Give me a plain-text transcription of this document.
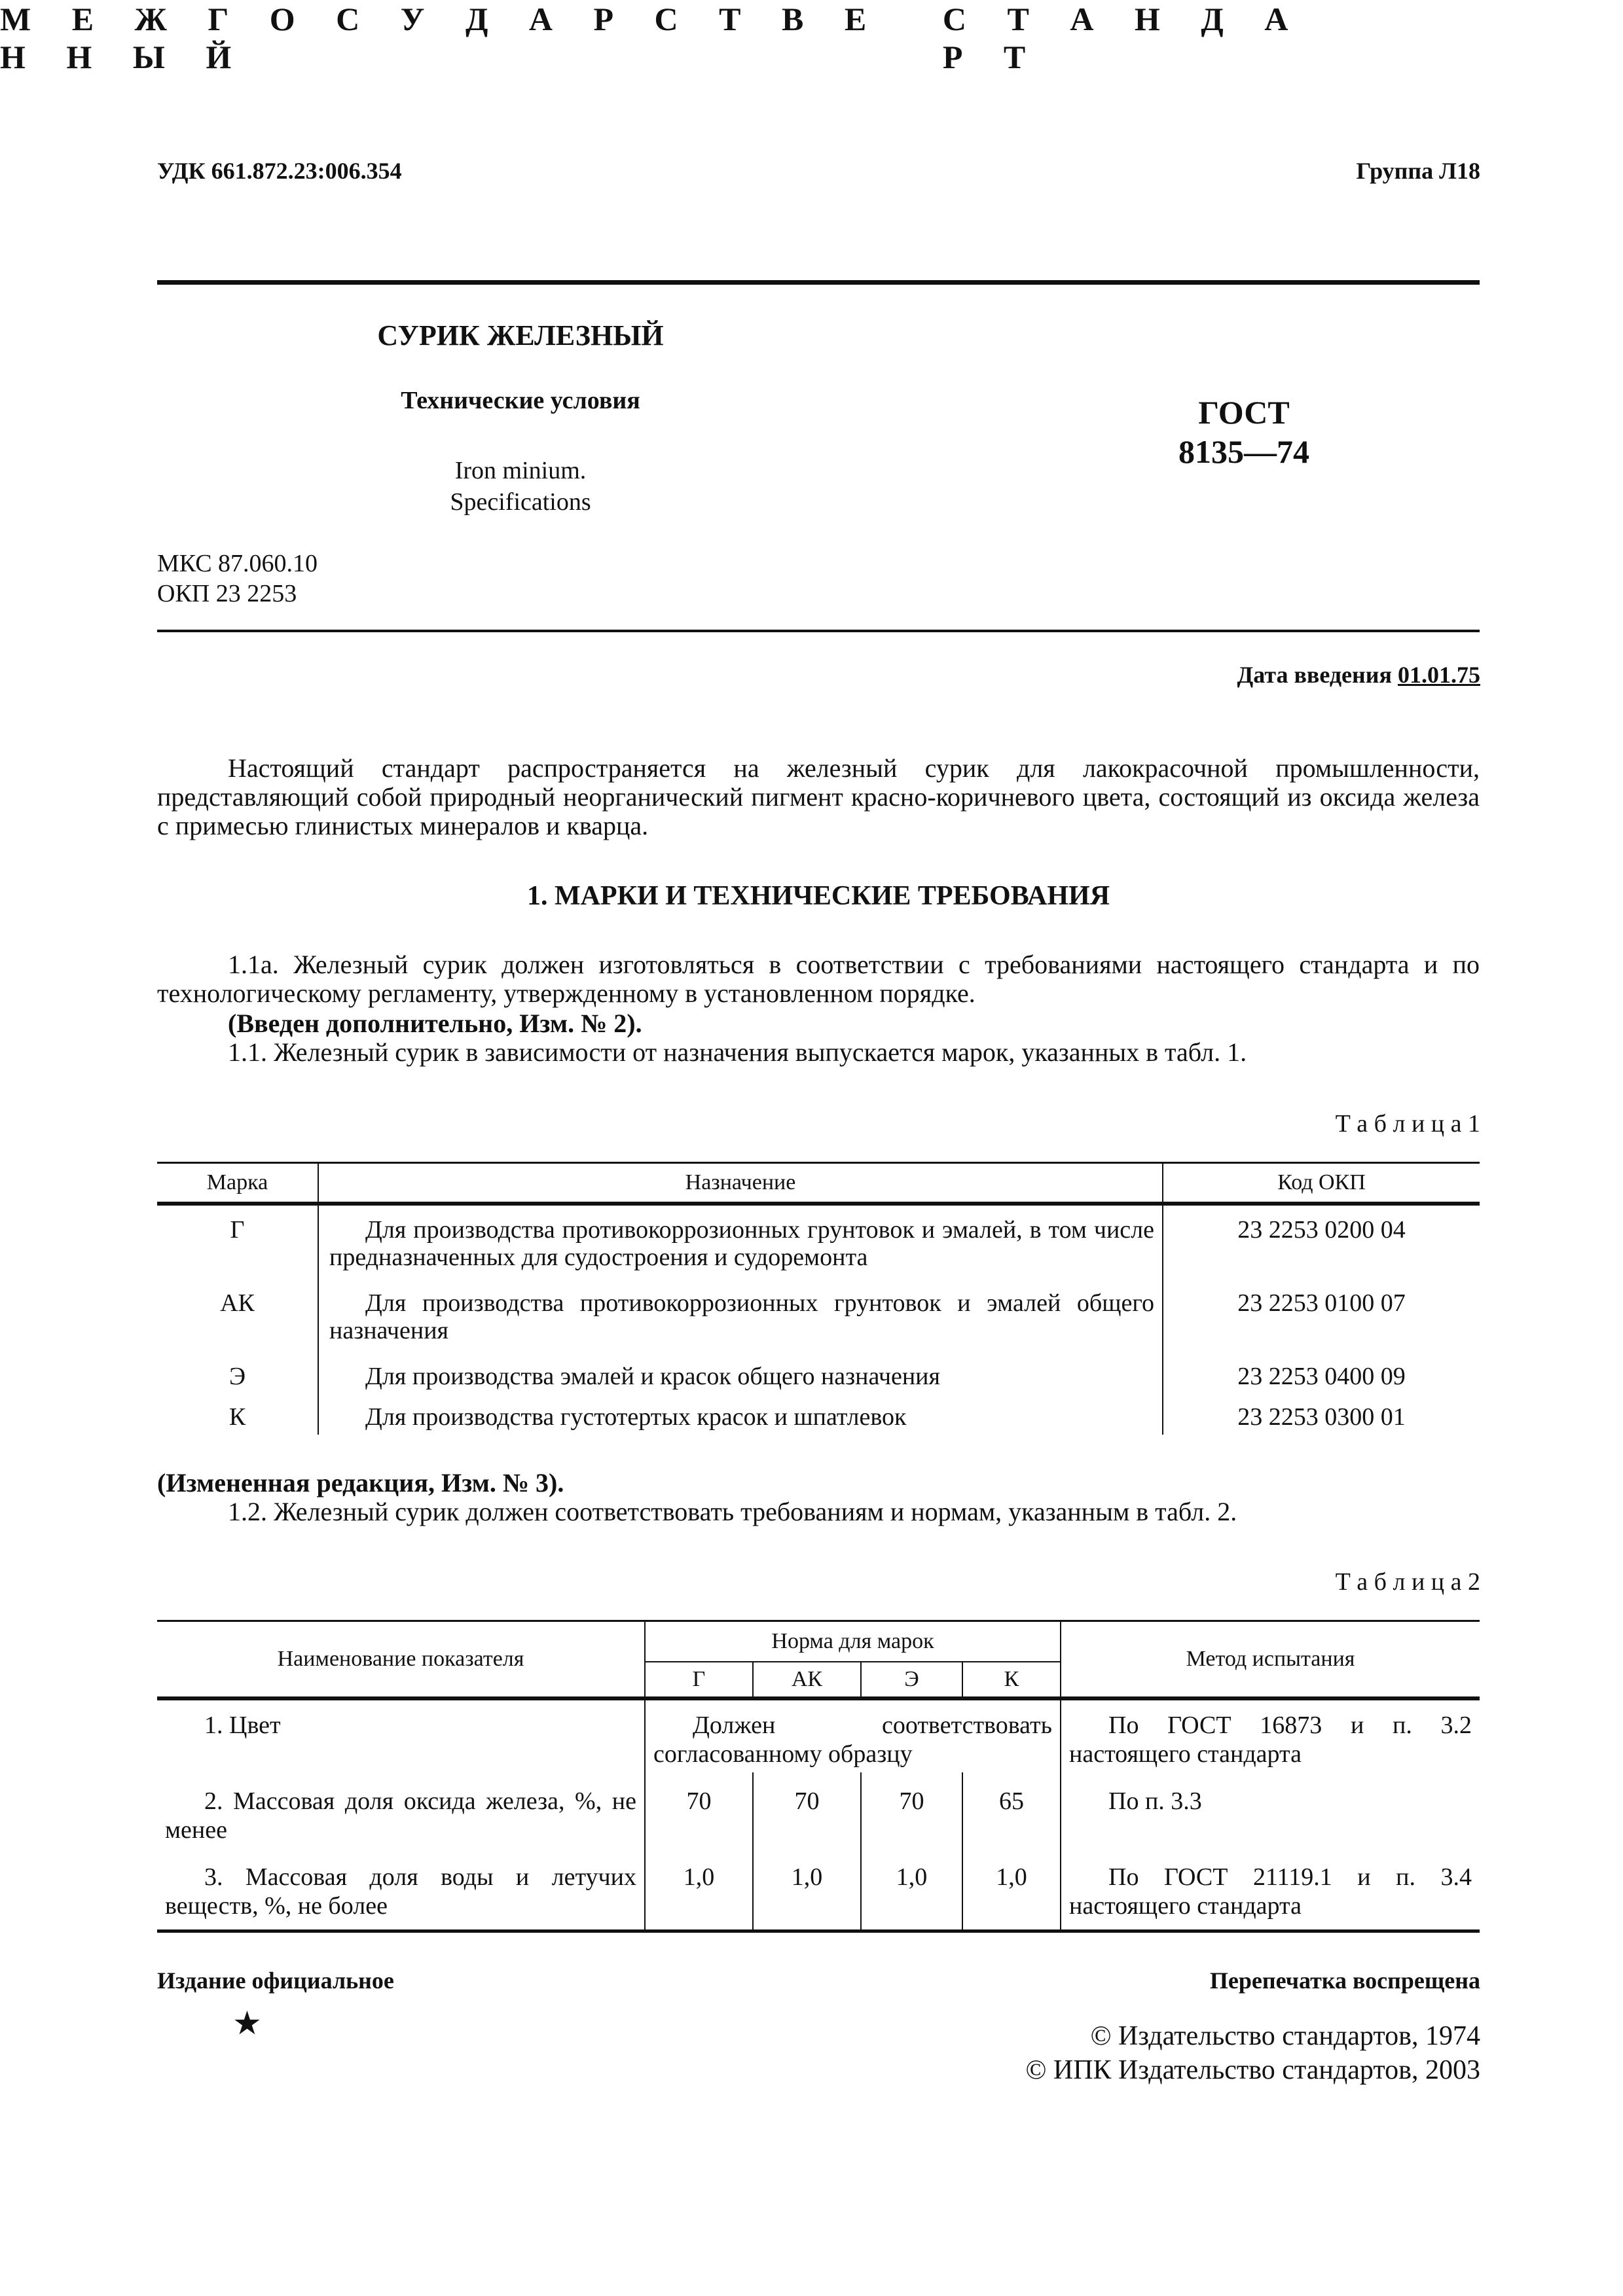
УДК 661.872.23:006.354	Группа Л18
М Е Ж Г О С У Д А Р С Т В Е Н Н Ы Й
С Т А Н Д А Р Т
СУРИК ЖЕЛЕЗНЫЙ
Технические условия
Iron minium.
Specifications
ГОСТ
8135—74
МКС 87.060.10
ОКП 23 2253
Дата введения 01.01.75
Настоящий стандарт распространяется на железный сурик для лакокрасочной промышленности, представляющий собой природный неорганический пигмент красно-коричневого цвета, состоящий из оксида железа с примесью глинистых минералов и кварца.
1. МАРКИ И ТЕХНИЧЕСКИЕ ТРЕБОВАНИЯ
1.1а. Железный сурик должен изготовляться в соответствии с требованиями настоящего стандарта и по технологическому регламенту, утвержденному в установленном порядке.
(Введен дополнительно, Изм. № 2).
1.1. Железный сурик в зависимости от назначения выпускается марок, указанных в табл. 1.
Т а б л и ц а 1
Марка	Назначение	Код ОКП
Г	Для производства противокоррозионных грунтовок и эмалей, в том числе предназначенных для судостроения и судоремонта	23 2253 0200 04
АК	Для производства противокоррозионных грунтовок и эмалей общего назначения	23 2253 0100 07
Э	Для производства эмалей и красок общего назначения	23 2253 0400 09
К	Для производства густотертых красок и шпатлевок	23 2253 0300 01
(Измененная редакция, Изм. № 3).
1.2. Железный сурик должен соответствовать требованиям и нормам, указанным в табл. 2.
Т а б л и ц а 2
Наименование показателя	Норма для марок				Метод испытания
	Г	АК	Э	К	
1. Цвет	Должен соответствовать согласованному образцу				По ГОСТ 16873 и п. 3.2 настоящего стандарта
2. Массовая доля оксида железа, %, не менее	70	70	70	65	По п. 3.3
3. Массовая доля воды и летучих веществ, %, не более	1,0	1,0	1,0	1,0	По ГОСТ 21119.1 и п. 3.4 настоящего стандарта
Издание официальное	Перепечатка воспрещена
★	© Издательство стандартов, 1974
© ИПК Издательство стандартов, 2003
